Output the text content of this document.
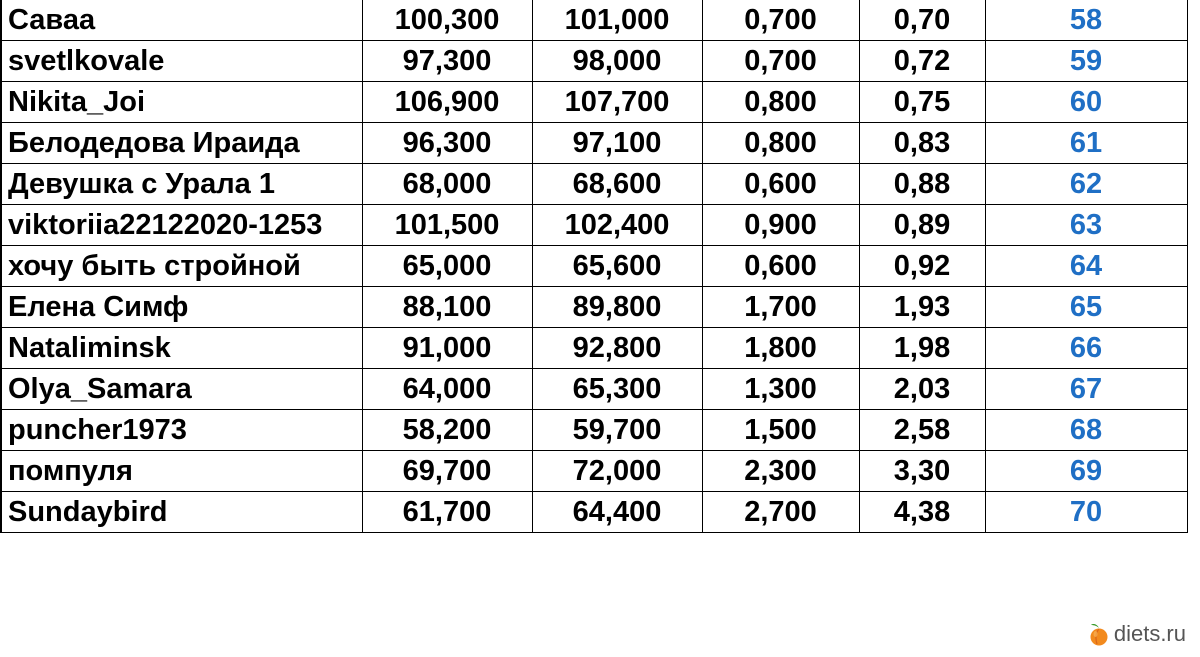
Саваа	100,300	101,000	0,700	0,70	58
svetlkovale	97,300	98,000	0,700	0,72	59
Nikita_Joi	106,900	107,700	0,800	0,75	60
Белодедова Ираида	96,300	97,100	0,800	0,83	61
Девушка с Урала 1	68,000	68,600	0,600	0,88	62
viktoriia22122020-1253	101,500	102,400	0,900	0,89	63
хочу быть стройной	65,000	65,600	0,600	0,92	64
Елена Симф	88,100	89,800	1,700	1,93	65
Nataliminsk	91,000	92,800	1,800	1,98	66
Olya_Samara	64,000	65,300	1,300	2,03	67
puncher1973	58,200	59,700	1,500	2,58	68
помпуля	69,700	72,000	2,300	3,30	69
Sundaybird	61,700	64,400	2,700	4,38	70
diets.ru
